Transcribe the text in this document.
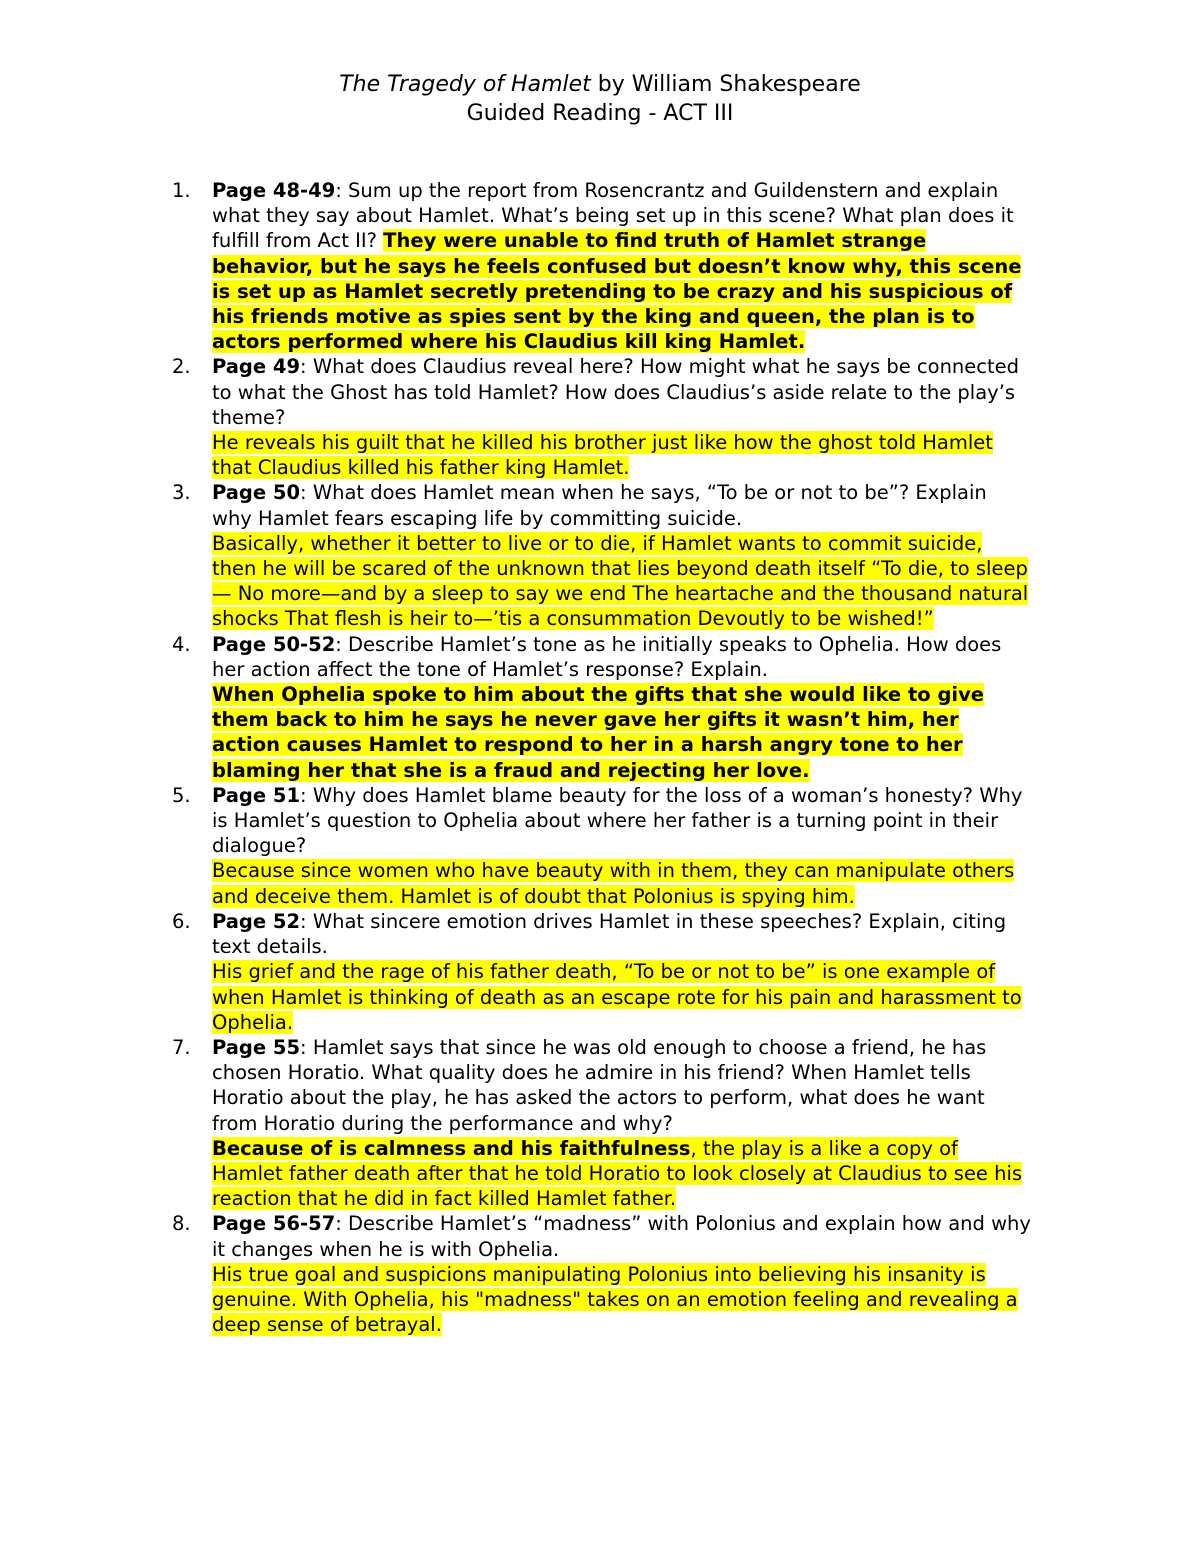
The Tragedy of Hamlet by William Shakespeare
Guided Reading - ACT III
1 .	Page 48-49: Sum up the report from Rosencrantz and Guildenstern and explain what they say about Hamlet. What’s being set up in this scene? What plan does it fulfill from Act II? They were unable to find truth of Hamlet strange behavior, but he says he feels confused but doesn’t know why, this scene is set up as Hamlet secretly pretending to be crazy and his suspicious of his friends motive as spies sent by the king and queen, the plan is to actors performed where his Claudius kill king Hamlet.
2 .	Page 49: What does Claudius reveal here? How might what he says be connected to what the Ghost has told Hamlet? How does Claudius’s aside relate to the play’s theme?
He reveals his guilt that he killed his brother just like how the ghost told Hamlet that Claudius killed his father king Hamlet.
3 .	Page 50: What does Hamlet mean when he says, “To be or not to be”? Explain why Hamlet fears escaping life by committing suicide.
Basically, whether it better to live or to die, if Hamlet wants to commit suicide, then he will be scared of the unknown that lies beyond death itself “To die, to sleep— No more—and by a sleep to say we end The heartache and the thousand natural shocks That flesh is heir to—’tis a consummation Devoutly to be wished!”
4 .	Page 50-52: Describe Hamlet’s tone as he initially speaks to Ophelia. How does her action affect the tone of Hamlet’s response? Explain.
When Ophelia spoke to him about the gifts that she would like to give them back to him he says he never gave her gifts it wasn’t him, her action causes Hamlet to respond to her in a harsh angry tone to her blaming her that she is a fraud and rejecting her love.
5 .	Page 51: Why does Hamlet blame beauty for the loss of a woman’s honesty? Why is Hamlet’s question to Ophelia about where her father is a turning point in their dialogue?
Because since women who have beauty with in them, they can manipulate others and deceive them. Hamlet is of doubt that Polonius is spying him.
6 .	Page 52: What sincere emotion drives Hamlet in these speeches? Explain, citing text details.
His grief and the rage of his father death, “To be or not to be” is one example of when Hamlet is thinking of death as an escape rote for his pain and harassment to Ophelia.
7 .	Page 55: Hamlet says that since he was old enough to choose a friend, he has chosen Horatio. What quality does he admire in his friend? When Hamlet tells Horatio about the play, he has asked the actors to perform, what does he want from Horatio during the performance and why?
Because of is calmness and his faithfulness, the play is a like a copy of Hamlet father death after that he told Horatio to look closely at Claudius to see his reaction that he did in fact killed Hamlet father.
8 .	Page 56-57: Describe Hamlet’s “madness” with Polonius and explain how and why it changes when he is with Ophelia.
His true goal and suspicions manipulating Polonius into believing his insanity is genuine. With Ophelia, his "madness" takes on an emotion feeling and revealing a deep sense of betrayal.
